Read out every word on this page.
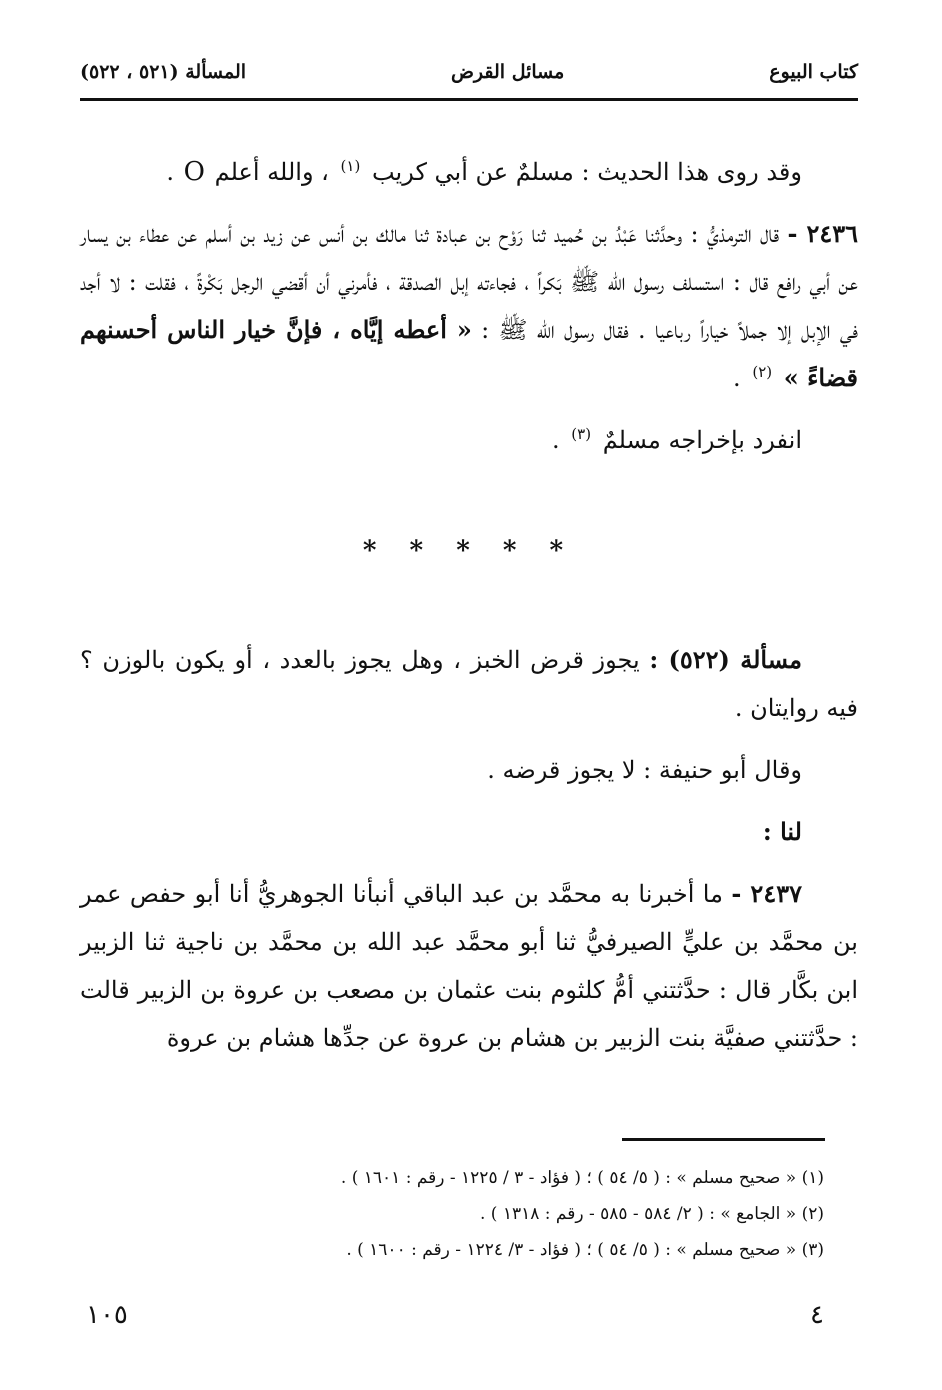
كتاب البيوع
مسائل القرض
المسألة (٥٢١ ، ٥٢٢)

وقد روى هذا الحديث : مسلمٌ عن أبي كريب $^{(١)}$ ، والله أعلم O .

٢٤٣٦ - قال الترمذيُّ : وحدَّثنا عَبْدُ بن حُميد ثنا رَوْح بن عبادة ثنا مالك بن أنس عن زيد بن أسلم عن عطاء بن يسار عن أبي رافع قال : استسلف رسول الله ﷺ بَكراً ، فجاءته إبل الصدقة ، فأمرني أن أقضي الرجل بَكْرةً ، فقلت : لا أجد في الإبل إلا جملاً خياراً رباعيا . فقال رسول الله ﷺ : « أعطه إيَّاه ، فإنَّ خيار الناس أحسنهم قضاءً » $^{(٢)}$ .

انفرد بإخراجه مسلمٌ $^{(٣)}$ .

* * * * *

مسألة (٥٢٢) : يجوز قرض الخبز ، وهل يجوز بالعدد ، أو يكون بالوزن ؟ فيه روايتان .

وقال أبو حنيفة : لا يجوز قرضه .

لنا :

٢٤٣٧ - ما أخبرنا به محمَّد بن عبد الباقي أنبأنا الجوهريُّ أنا أبو حفص عمر بن محمَّد بن عليٍّ الصيرفيُّ ثنا أبو محمَّد عبد الله بن محمَّد بن ناجية ثنا الزبير ابن بكَّار قال : حدَّثتني أمُّ كلثوم بنت عثمان بن مصعب بن عروة بن الزبير قالت : حدَّثتني صفيَّة بنت الزبير بن هشام بن عروة عن جدِّها هشام بن عروة

(١) « صحيح مسلم » : ( ٥/ ٥٤ ) ؛ ( فؤاد - ٣ / ١٢٢٥ - رقم : ١٦٠١ ) .

(٢) « الجامع » : ( ٢/ ٥٨٤ - ٥٨٥ - رقم : ١٣١٨ ) .

(٣) « صحيح مسلم » : ( ٥/ ٥٤ ) ؛ ( فؤاد - ٣/ ١٢٢٤ - رقم : ١٦٠٠ ) .

٤
١٠٥
